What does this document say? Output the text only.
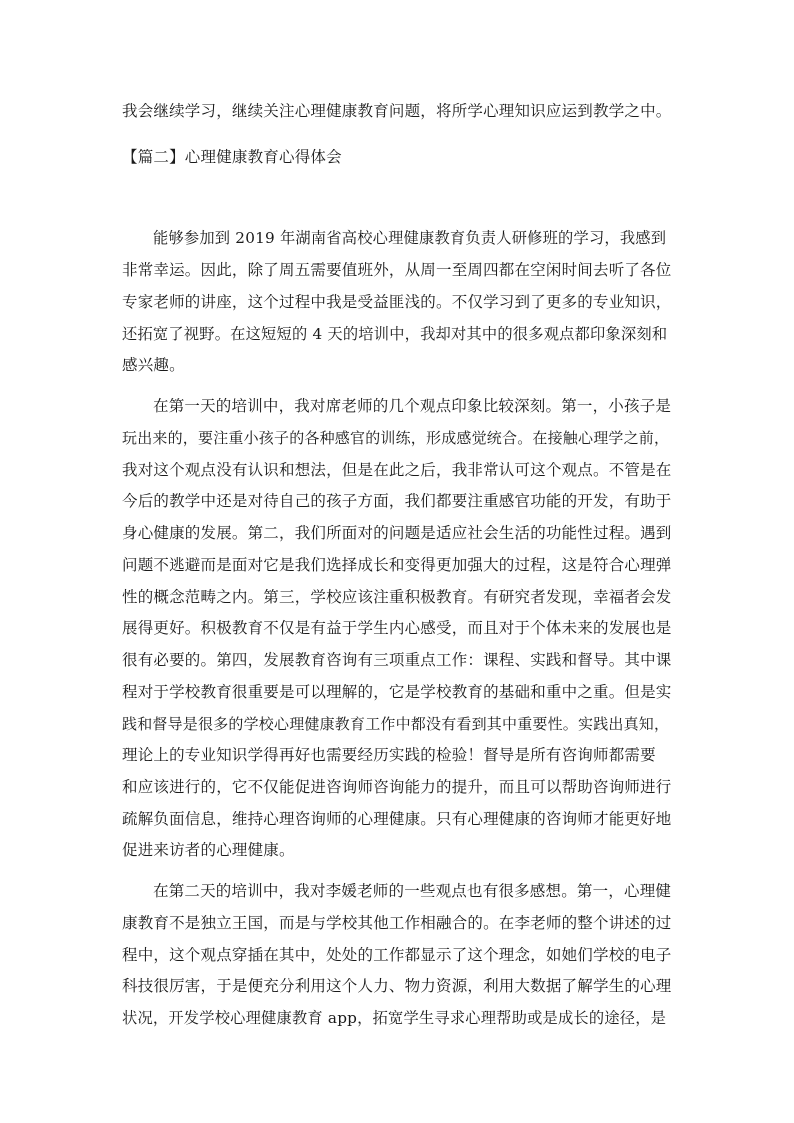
我会继续学习，继续关注心理健康教育问题，将所学心理知识应运到教学之中。

【篇二】心理健康教育心得体会

能够参加到 2019 年湖南省高校心理健康教育负责人研修班的学习，我感到

非常幸运。因此，除了周五需要值班外，从周一至周四都在空闲时间去听了各位

专家老师的讲座，这个过程中我是受益匪浅的。不仅学习到了更多的专业知识，

还拓宽了视野。在这短短的 4 天的培训中，我却对其中的很多观点都印象深刻和

感兴趣。

在第一天的培训中，我对席老师的几个观点印象比较深刻。第一，小孩子是

玩出来的，要注重小孩子的各种感官的训练，形成感觉统合。在接触心理学之前，

我对这个观点没有认识和想法，但是在此之后，我非常认可这个观点。不管是在

今后的教学中还是对待自己的孩子方面，我们都要注重感官功能的开发，有助于

身心健康的发展。第二，我们所面对的问题是适应社会生活的功能性过程。遇到

问题不逃避而是面对它是我们选择成长和变得更加强大的过程，这是符合心理弹

性的概念范畴之内。第三，学校应该注重积极教育。有研究者发现，幸福者会发

展得更好。积极教育不仅是有益于学生内心感受，而且对于个体未来的发展也是

很有必要的。第四，发展教育咨询有三项重点工作：课程、实践和督导。其中课

程对于学校教育很重要是可以理解的，它是学校教育的基础和重中之重。但是实

践和督导是很多的学校心理健康教育工作中都没有看到其中重要性。实践出真知，

理论上的专业知识学得再好也需要经历实践的检验！督导是所有咨询师都需要

和应该进行的，它不仅能促进咨询师咨询能力的提升，而且可以帮助咨询师进行

疏解负面信息，维持心理咨询师的心理健康。只有心理健康的咨询师才能更好地

促进来访者的心理健康。

在第二天的培训中，我对李媛老师的一些观点也有很多感想。第一，心理健

康教育不是独立王国，而是与学校其他工作相融合的。在李老师的整个讲述的过

程中，这个观点穿插在其中，处处的工作都显示了这个理念，如她们学校的电子

科技很厉害，于是便充分利用这个人力、物力资源，利用大数据了解学生的心理

状况，开发学校心理健康教育 app，拓宽学生寻求心理帮助或是成长的途径，是
